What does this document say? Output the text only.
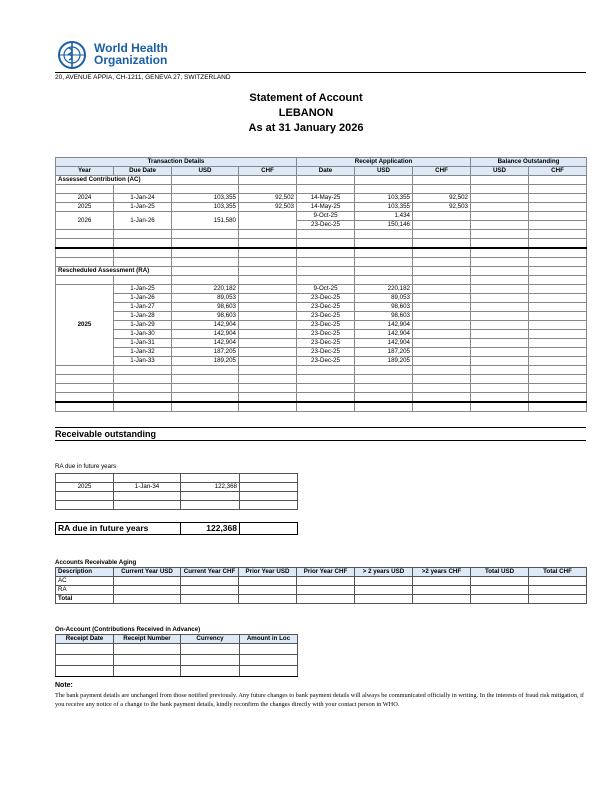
World Health
Organization
20, AVENUE APPIA, CH-1211, GENEVA 27, SWITZERLAND
Statement of Account
LEBANON
As at 31 January 2026
Transaction Details				Receipt Application			Balance Outstanding	
Year	Due Date	USD	CHF	Date	USD	CHF	USD	CHF
Assessed Contribution (AC)								

2024	1-Jan-24	103,355	92,502	14-May-25	103,355	92,502		
2025	1-Jan-25	103,355	92,503	14-May-25	103,355	92,503		
2026	1-Jan-26	151,580		9-Oct-25	1,434			
				23-Dec-25	150,146			

Rescheduled Assessment (RA)								

2025	1-Jan-25	220,182		9-Oct-25	220,182			
	1-Jan-26	89,053		23-Dec-25	89,053			
	1-Jan-27	98,603		23-Dec-25	98,603			
	1-Jan-28	98,603		23-Dec-25	98,603			
	1-Jan-29	142,904		23-Dec-25	142,904			
	1-Jan-30	142,904		23-Dec-25	142,904			
	1-Jan-31	142,904		23-Dec-25	142,904			
	1-Jan-32	187,205		23-Dec-25	187,205			
	1-Jan-33	189,205		23-Dec-25	189,205			

Receivable outstanding
RA due in future years

2025	1-Jan-34	122,368	

RA due in future years	122,368	
Accounts Receivable Aging
Description	Current Year USD	Current Year CHF	Prior Year USD	Prior Year CHF	> 2 years USD	>2 years CHF	Total USD	Total CHF
AC								
RA								
Total								
On-Account (Contributions Received in Advance)
Receipt Date	Receipt Number	Currency	Amount in Loc

Note:
The bank payment details are unchanged from those notified previously. Any future changes to bank payment details will always be communicated officially in writing. In the interests of fraud risk mitigation, if you receive any notice of a change to the bank payment details, kindly reconfirm the changes directly with your contact person in WHO.
